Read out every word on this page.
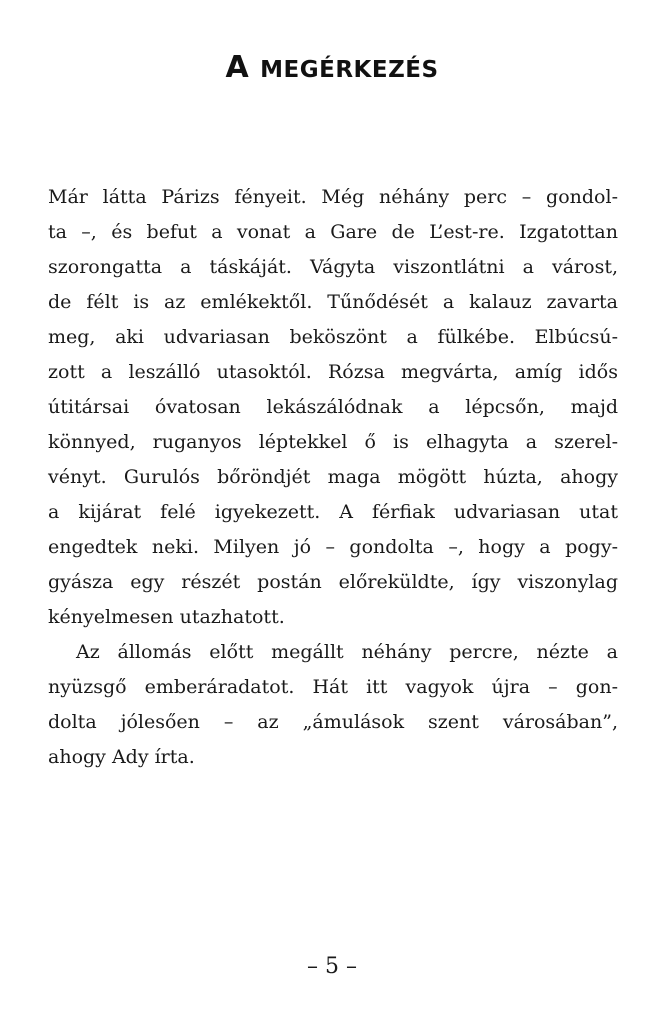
A MEGÉRKEZÉS
Már látta Párizs fényeit. Még néhány perc – gondol-
ta –, és befut a vonat a Gare de L’est-re. Izgatottan
szorongatta a táskáját. Vágyta viszontlátni a várost,
de félt is az emlékektől. Tűnődését a kalauz zavarta
meg, aki udvariasan beköszönt a fülkébe. Elbúcsú-
zott a leszálló utasoktól. Rózsa megvárta, amíg idős
útitársai óvatosan lekászálódnak a lépcsőn, majd
könnyed, ruganyos léptekkel ő is elhagyta a szerel-
vényt. Gurulós bőröndjét maga mögött húzta, ahogy
a kijárat felé igyekezett. A férfiak udvariasan utat
engedtek neki. Milyen jó – gondolta –, hogy a pogy-
gyásza egy részét postán előreküldte, így viszonylag
kényelmesen utazhatott.
Az állomás előtt megállt néhány percre, nézte a
nyüzsgő emberáradatot. Hát itt vagyok újra – gon-
dolta jólesően – az „ámulások szent városában”,
ahogy Ady írta.
– 5 –
